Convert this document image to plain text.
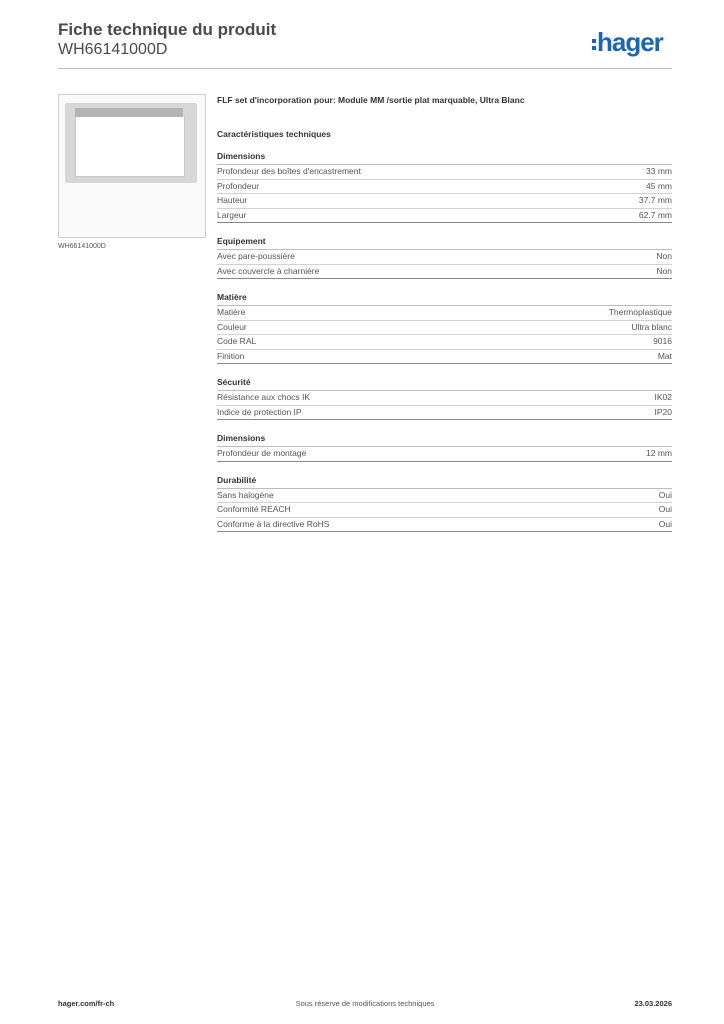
Fiche technique du produit
WH66141000D	hager
WH66141000D
FLF set d'incorporation pour: Module MM /sortie plat marquable, Ultra Blanc
Caractéristiques techniques
Dimensions
Profondeur des boîtes d'encastrement	33 mm
Profondeur	45 mm
Hauteur	37.7 mm
Largeur	62.7 mm
Equipement
Avec pare-poussière	Non
Avec couvercle à charnière	Non
Matière
Matière	Thermoplastique
Couleur	Ultra blanc
Code RAL	9016
Finition	Mat
Sécurité
Résistance aux chocs IK	IK02
Indice de protection IP	IP20
Dimensions
Profondeur de montage	12 mm
Durabilité
Sans halogène	Oui
Conformité REACH	Oui
Conforme à la directive RoHS	Oui
hager.com/fr-ch	Sous réserve de modifications techniques	23.03.2026
